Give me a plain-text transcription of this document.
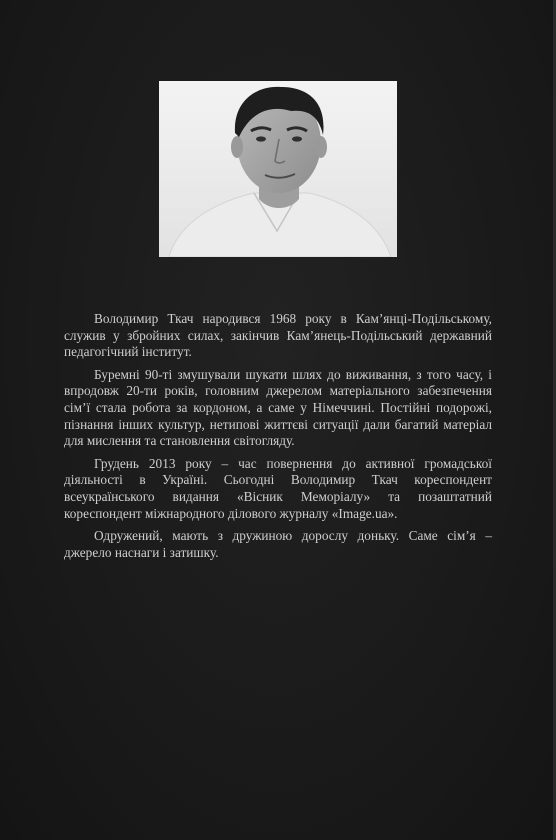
Володимир Ткач народився 1968 року в Кам’янці-Подільському, служив у збройних силах, закінчив Кам’янець-Подільський державний педагогічний інститут.

Буремні 90-ті змушували шукати шлях до виживання, з того часу, і впродовж 20-ти років, головним джерелом матеріального забезпечення сім’ї стала робота за кордоном, а саме у Німеччині. Постійні подорожі, пізнання інших культур, нетипові життєві ситуації дали багатий матеріал для мислення та становлення світогляду.

Грудень 2013 року – час повернення до активної громадської діяльності в Україні. Сьогодні Володимир Ткач кореспондент всеукраїнського видання «Вісник Меморіалу» та позаштатний кореспондент міжнародного ділового журналу «Image.ua».

Одружений, мають з дружиною дорослу доньку. Саме сім’я – джерело наснаги і затишку.
